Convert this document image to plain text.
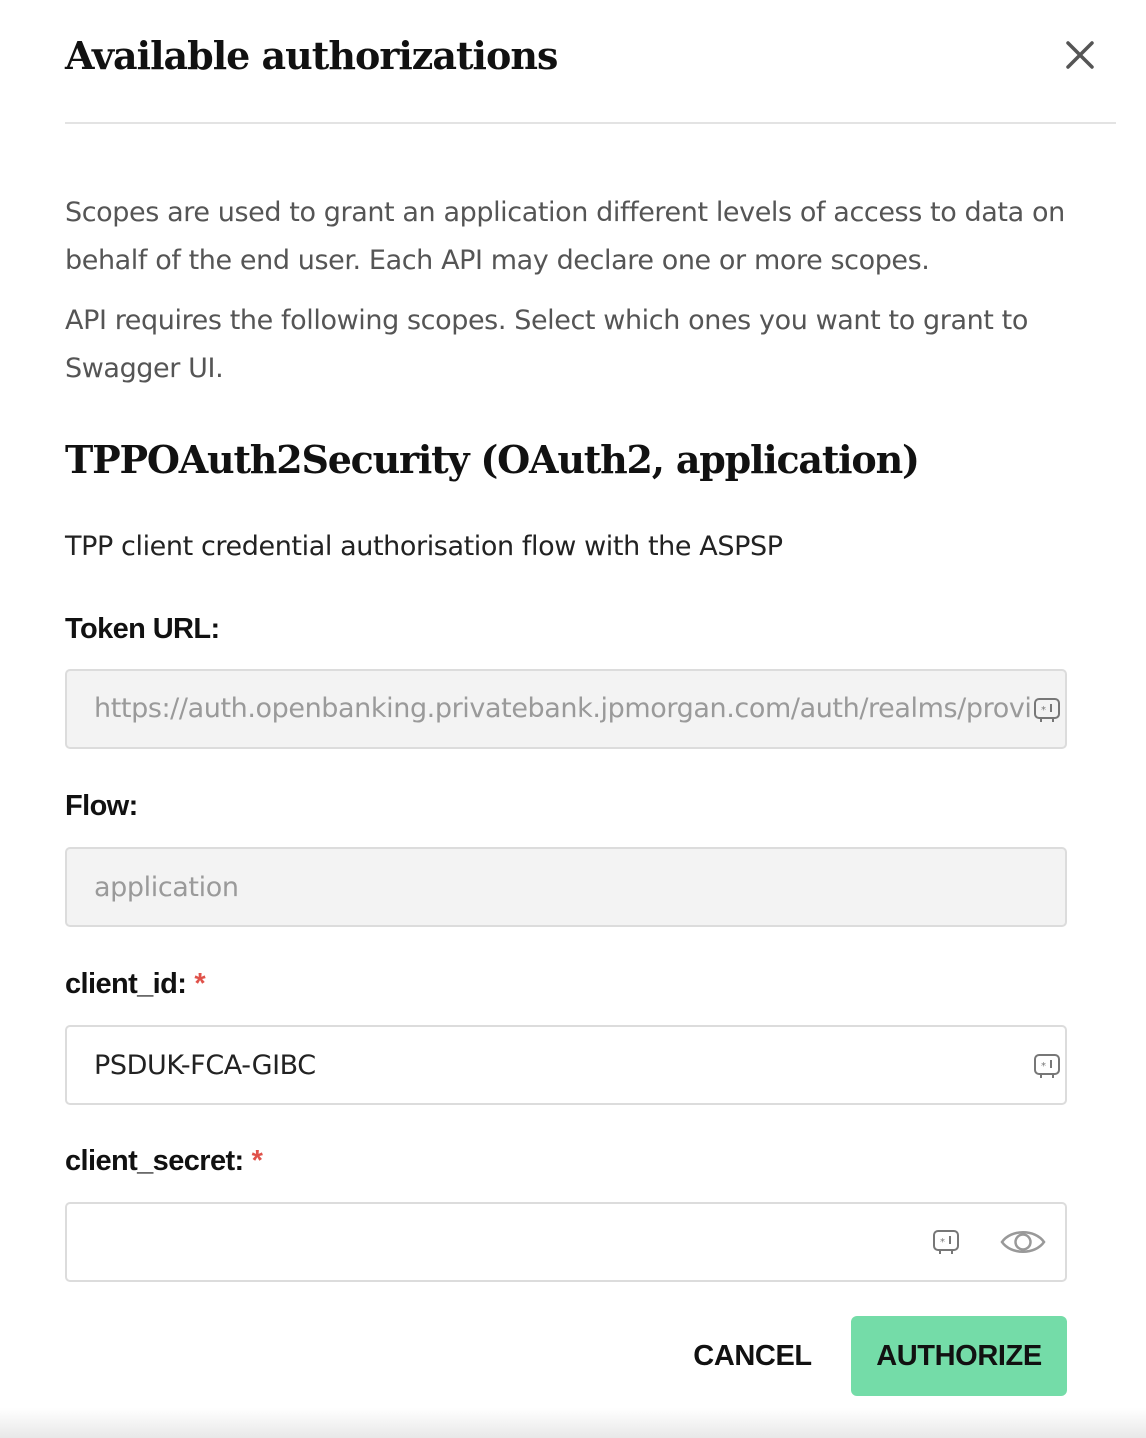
Available authorizations

Scopes are used to grant an application different levels of access to data on behalf of the end user. Each API may declare one or more scopes.

API requires the following scopes. Select which ones you want to grant to Swagger UI.

TPPOAuth2Security (OAuth2, application)

TPP client credential authorisation flow with the ASPSP

Token URL:
https://auth.openbanking.privatebank.jpmorgan.com/auth/realms/provi *
Flow:
application
client_id: *
PSDUK-FCA-GIBC
*
client_secret: *
*
CANCEL	AUTHORIZE
